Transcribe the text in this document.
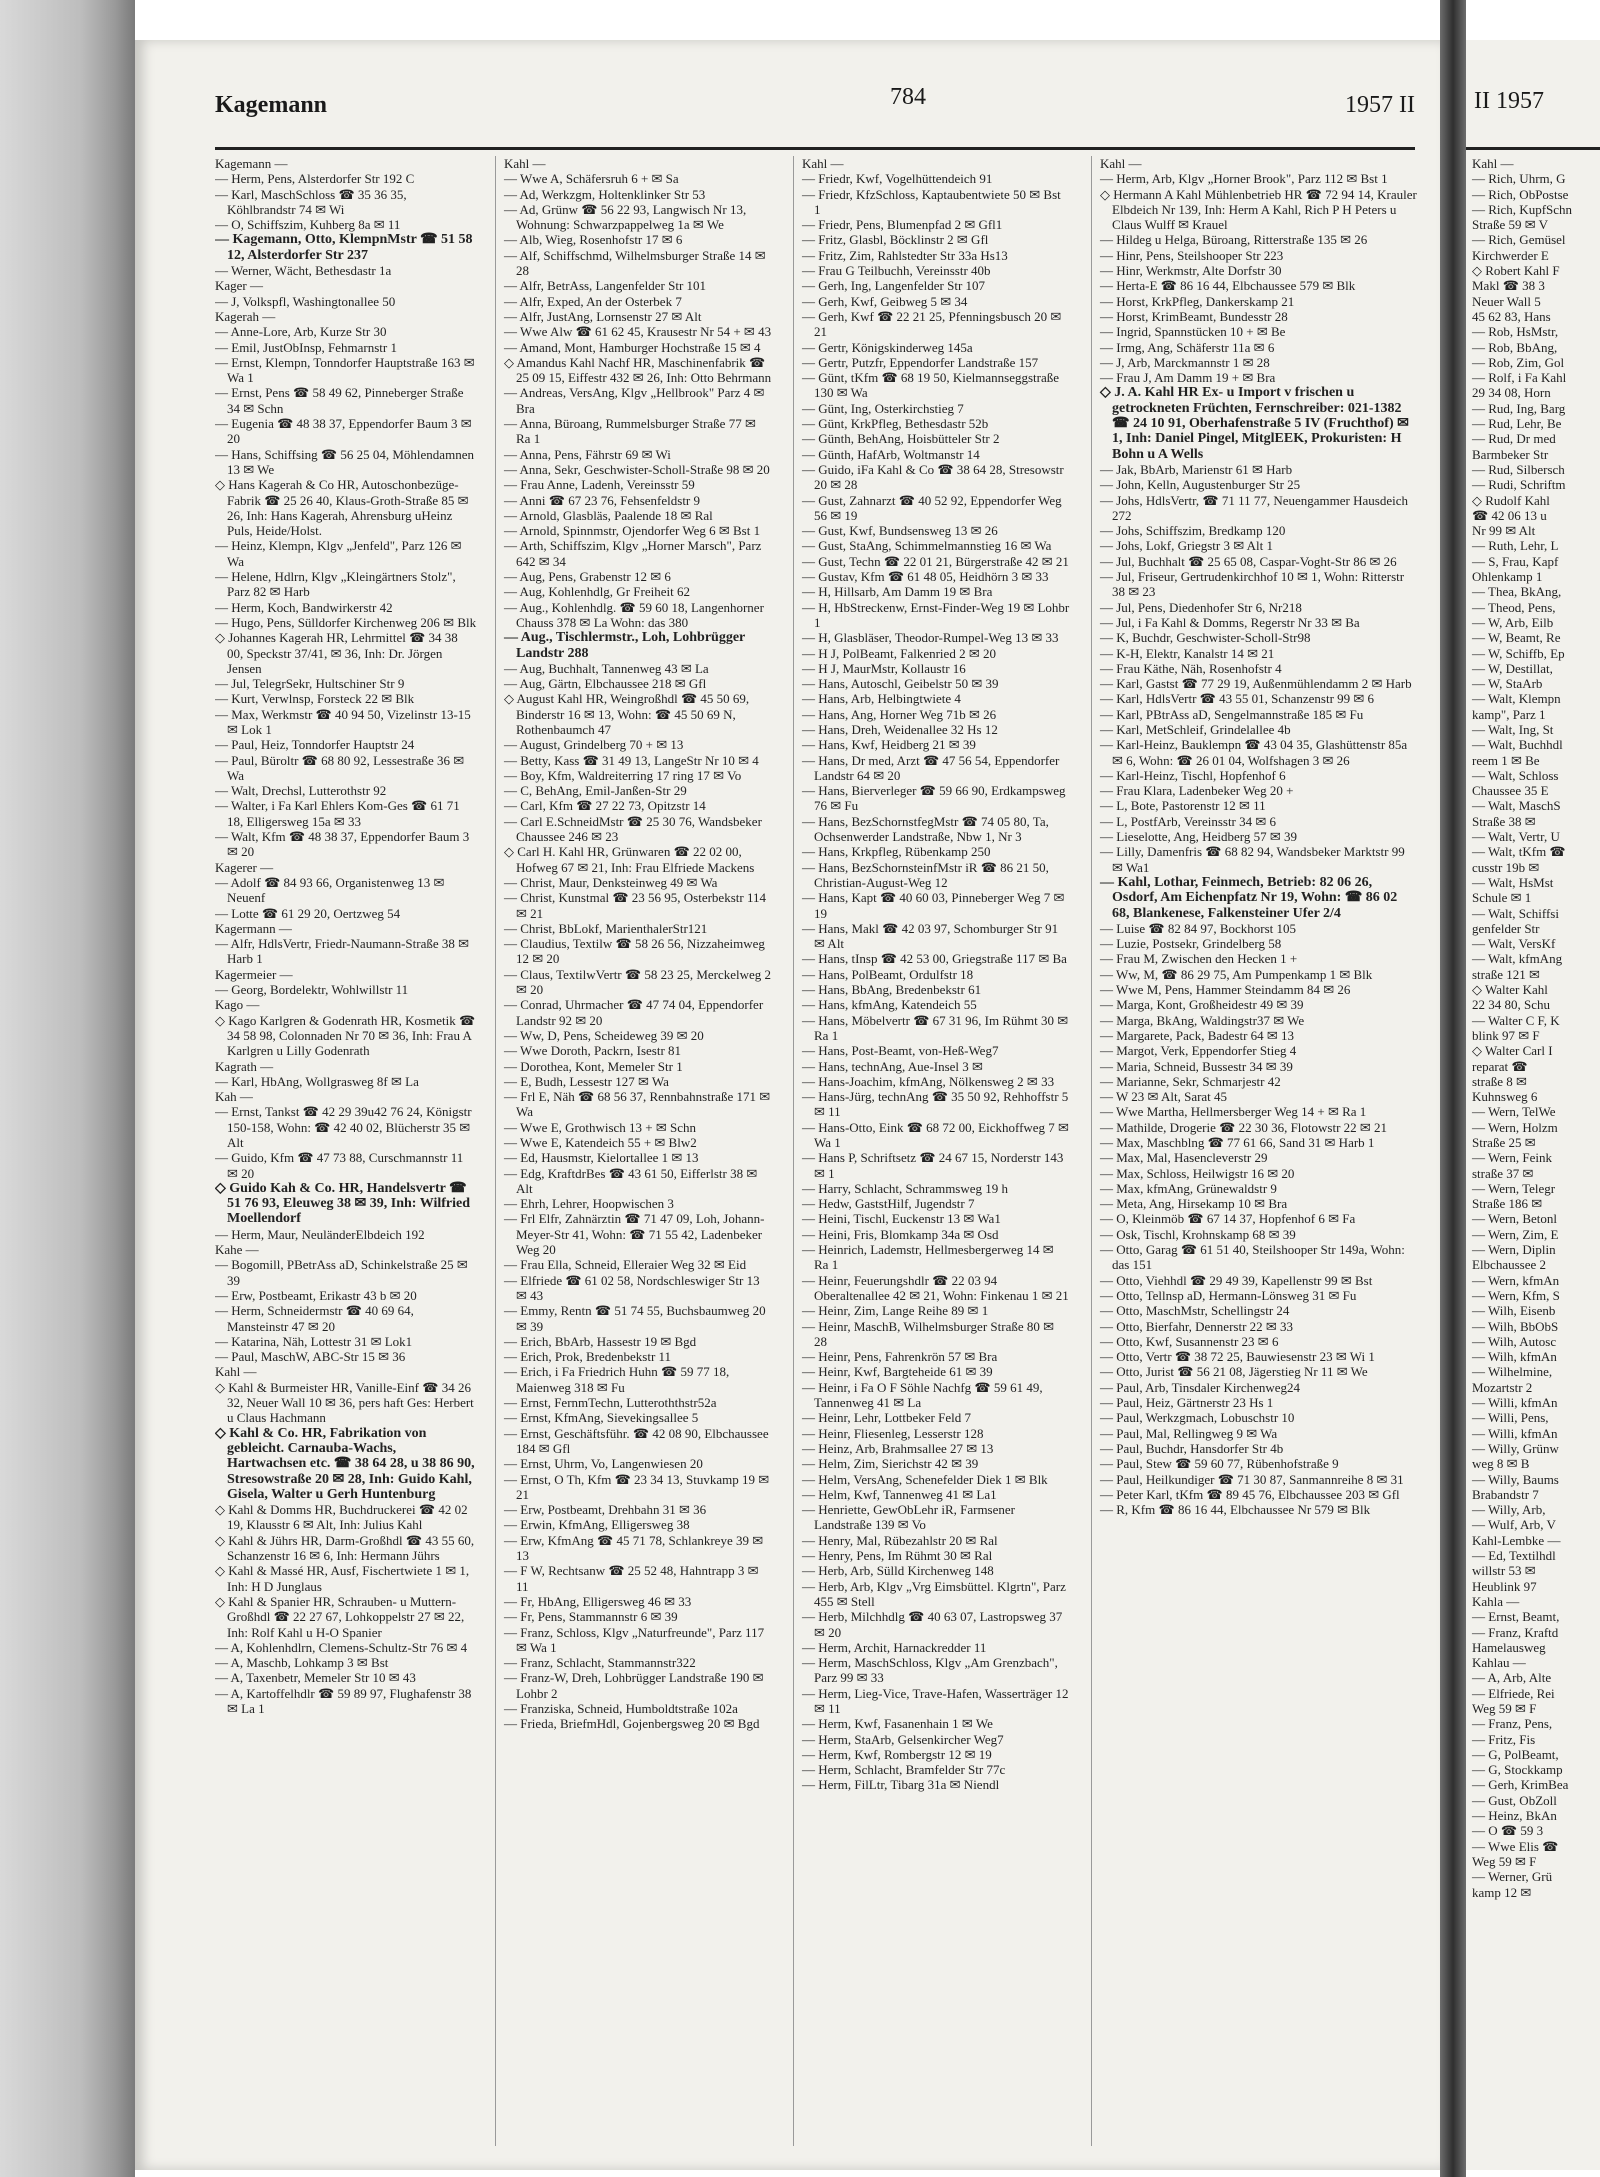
Kagemann	784	1957 II

Kagemann —

— Herm, Pens, Alsterdorfer Str 192 C

— Karl, MaschSchloss ☎ 35 36 35, Köhlbrandstr 74 ✉ Wi

— O, Schiffszim, Kuhberg 8a ✉ 11

— Kagemann, Otto, KlempnMstr ☎ 51 58 12, Alsterdorfer Str 237

— Werner, Wächt, Bethesdastr 1a

Kager —

— J, Volkspfl, Washingtonallee 50

Kagerah —

— Anne-Lore, Arb, Kurze Str 30

— Emil, JustObInsp, Fehmarnstr 1

— Ernst, Klempn, Tonndorfer Hauptstraße 163 ✉ Wa 1

— Ernst, Pens ☎ 58 49 62, Pinneberger Straße 34 ✉ Schn

— Eugenia ☎ 48 38 37, Eppendorfer Baum 3 ✉ 20

— Hans, Schiffsing ☎ 56 25 04, Möhlendamnen 13 ✉ We

◇ Hans Kagerah & Co HR, Autoschonbezüge-Fabrik ☎ 25 26 40, Klaus-Groth-Straße 85 ✉ 26, Inh: Hans Kagerah, Ahrensburg uHeinz Puls, Heide/Holst.

— Heinz, Klempn, Klgv „Jenfeld", Parz 126 ✉ Wa

— Helene, Hdlrn, Klgv „Kleingärtners Stolz", Parz 82 ✉ Harb

— Herm, Koch, Bandwirkerstr 42

— Hugo, Pens, Sülldorfer Kirchenweg 206 ✉ Blk

◇ Johannes Kagerah HR, Lehrmittel ☎ 34 38 00, Speckstr 37/41, ✉ 36, Inh: Dr. Jörgen Jensen

— Jul, TelegrSekr, Hultschiner Str 9

— Kurt, Verwlnsp, Forsteck 22 ✉ Blk

— Max, Werkmstr ☎ 40 94 50, Vizelinstr 13-15 ✉ Lok 1

— Paul, Heiz, Tonndorfer Hauptstr 24

— Paul, Büroltr ☎ 68 80 92, Lessestraße 36 ✉ Wa

— Walt, Drechsl, Lutterothstr 92

— Walter, i Fa Karl Ehlers Kom-Ges ☎ 61 71 18, Elligersweg 15a ✉ 33

— Walt, Kfm ☎ 48 38 37, Eppendorfer Baum 3 ✉ 20

Kagerer —

— Adolf ☎ 84 93 66, Organistenweg 13 ✉ Neuenf

— Lotte ☎ 61 29 20, Oertzweg 54

Kagermann —

— Alfr, HdlsVertr, Friedr-Naumann-Straße 38 ✉ Harb 1

Kagermeier —

— Georg, Bordelektr, Wohlwillstr 11

Kago —

◇ Kago Karlgren & Godenrath HR, Kosmetik ☎ 34 58 98, Colonnaden Nr 70 ✉ 36, Inh: Frau A Karlgren u Lilly Godenrath

Kagrath —

— Karl, HbAng, Wollgrasweg 8f ✉ La

Kah —

— Ernst, Tankst ☎ 42 29 39u42 76 24, Königstr 150-158, Wohn: ☎ 42 40 02, Blücherstr 35 ✉ Alt

— Guido, Kfm ☎ 47 73 88, Curschmannstr 11 ✉ 20

◇ Guido Kah & Co. HR, Handelsvertr ☎ 51 76 93, Eleuweg 38 ✉ 39, Inh: Wilfried Moellendorf

— Herm, Maur, NeuländerElbdeich 192

Kahe —

— Bogomill, PBetrAss aD, Schinkelstraße 25 ✉ 39

— Erw, Postbeamt, Erikastr 43 b ✉ 20

— Herm, Schneidermstr ☎ 40 69 64, Mansteinstr 47 ✉ 20

— Katarina, Näh, Lottestr 31 ✉ Lok1

— Paul, MaschW, ABC-Str 15 ✉ 36

Kahl —

◇ Kahl & Burmeister HR, Vanille-Einf ☎ 34 26 32, Neuer Wall 10 ✉ 36, pers haft Ges: Herbert u Claus Hachmann

◇ Kahl & Co. HR, Fabrikation von gebleicht. Carnauba-Wachs, Hartwachsen etc. ☎ 38 64 28, u 38 86 90, Stresowstraße 20 ✉ 28, Inh: Guido Kahl, Gisela, Walter u Gerh Huntenburg

◇ Kahl & Domms HR, Buchdruckerei ☎ 42 02 19, Klausstr 6 ✉ Alt, Inh: Julius Kahl

◇ Kahl & Jührs HR, Darm-Großhdl ☎ 43 55 60, Schanzenstr 16 ✉ 6, Inh: Hermann Jührs

◇ Kahl & Massé HR, Ausf, Fischertwiete 1 ✉ 1, Inh: H D Junglaus

◇ Kahl & Spanier HR, Schrauben- u Muttern-Großhdl ☎ 22 27 67, Lohkoppelstr 27 ✉ 22, Inh: Rolf Kahl u H-O Spanier

— A, Kohlenhdlrn, Clemens-Schultz-Str 76 ✉ 4

— A, Maschb, Lohkamp 3 ✉ Bst

— A, Taxenbetr, Memeler Str 10 ✉ 43

— A, Kartoffelhdlr ☎ 59 89 97, Flughafenstr 38 ✉ La 1

Kahl —

— Wwe A, Schäfersruh 6 + ✉ Sa

— Ad, Werkzgm, Holtenklinker Str 53

— Ad, Grünw ☎ 56 22 93, Langwisch Nr 13, Wohnung: Schwarzpappelweg 1a ✉ We

— Alb, Wieg, Rosenhofstr 17 ✉ 6

— Alf, Schiffschmd, Wilhelmsburger Straße 14 ✉ 28

— Alfr, BetrAss, Langenfelder Str 101

— Alfr, Exped, An der Osterbek 7

— Alfr, JustAng, Lornsenstr 27 ✉ Alt

— Wwe Alw ☎ 61 62 45, Krausestr Nr 54 + ✉ 43

— Amand, Mont, Hamburger Hochstraße 15 ✉ 4

◇ Amandus Kahl Nachf HR, Maschinenfabrik ☎ 25 09 15, Eiffestr 432 ✉ 26, Inh: Otto Behrmann

— Andreas, VersAng, Klgv „Hellbrook" Parz 4 ✉ Bra

— Anna, Büroang, Rummelsburger Straße 77 ✉ Ra 1

— Anna, Pens, Fährstr 69 ✉ Wi

— Anna, Sekr, Geschwister-Scholl-Straße 98 ✉ 20

— Frau Anne, Ladenh, Vereinsstr 59

— Anni ☎ 67 23 76, Fehsenfeldstr 9

— Arnold, Glasbläs, Paalende 18 ✉ Ral

— Arnold, Spinnmstr, Ojendorfer Weg 6 ✉ Bst 1

— Arth, Schiffszim, Klgv „Horner Marsch", Parz 642 ✉ 34

— Aug, Pens, Grabenstr 12 ✉ 6

— Aug, Kohlenhdlg, Gr Freiheit 62

— Aug., Kohlenhdlg. ☎ 59 60 18, Langenhorner Chauss 378 ✉ La Wohn: das 380

— Aug., Tischlermstr., Loh, Lohbrügger Landstr 288

— Aug, Buchhalt, Tannenweg 43 ✉ La

— Aug, Gärtn, Elbchaussee 218 ✉ Gfl

◇ August Kahl HR, Weingroßhdl ☎ 45 50 69, Binderstr 16 ✉ 13, Wohn: ☎ 45 50 69 N, Rothenbaumch 47

— August, Grindelberg 70 + ✉ 13

— Betty, Kass ☎ 31 49 13, LangeStr Nr 10 ✉ 4

— Boy, Kfm, Waldreiterring 17 ring 17 ✉ Vo

— C, BehAng, Emil-Janßen-Str 29

— Carl, Kfm ☎ 27 22 73, Opitzstr 14

— Carl E.SchneidMstr ☎ 25 30 76, Wandsbeker Chaussee 246 ✉ 23

◇ Carl H. Kahl HR, Grünwaren ☎ 22 02 00, Hofweg 67 ✉ 21, Inh: Frau Elfriede Mackens

— Christ, Maur, Denksteinweg 49 ✉ Wa

— Christ, Kunstmal ☎ 23 56 95, Osterbekstr 114 ✉ 21

— Christ, BbLokf, MarienthalerStr121

— Claudius, Textilw ☎ 58 26 56, Nizzaheimweg 12 ✉ 20

— Claus, TextilwVertr ☎ 58 23 25, Merckelweg 2 ✉ 20

— Conrad, Uhrmacher ☎ 47 74 04, Eppendorfer Landstr 92 ✉ 20

— Ww, D, Pens, Scheideweg 39 ✉ 20

— Wwe Doroth, Packrn, Isestr 81

— Dorothea, Kont, Memeler Str 1

— E, Budh, Lessestr 127 ✉ Wa

— Frl E, Näh ☎ 68 56 37, Rennbahnstraße 171 ✉ Wa

— Wwe E, Grothwisch 13 + ✉ Schn

— Wwe E, Katendeich 55 + ✉ Blw2

— Ed, Hausmstr, Kielortallee 1 ✉ 13

— Edg, KraftdrBes ☎ 43 61 50, Eifferlstr 38 ✉ Alt

— Ehrh, Lehrer, Hoopwischen 3

— Frl Elfr, Zahnärztin ☎ 71 47 09, Loh, Johann-Meyer-Str 41, Wohn: ☎ 71 55 42, Ladenbeker Weg 20

— Frau Ella, Schneid, Elleraier Weg 32 ✉ Eid

— Elfriede ☎ 61 02 58, Nordschleswiger Str 13 ✉ 43

— Emmy, Rentn ☎ 51 74 55, Buchsbaumweg 20 ✉ 39

— Erich, BbArb, Hassestr 19 ✉ Bgd

— Erich, Prok, Bredenbekstr 11

— Erich, i Fa Friedrich Huhn ☎ 59 77 18, Maienweg 318 ✉ Fu

— Ernst, FernmTechn, Lutteroththstr52a

— Ernst, KfmAng, Sievekingsallee 5

— Ernst, Geschäftsführ. ☎ 42 08 90, Elbchaussee 184 ✉ Gfl

— Ernst, Uhrm, Vo, Langenwiesen 20

— Ernst, O Th, Kfm ☎ 23 34 13, Stuvkamp 19 ✉ 21

— Erw, Postbeamt, Drehbahn 31 ✉ 36

— Erwin, KfmAng, Elligersweg 38

— Erw, KfmAng ☎ 45 71 78, Schlankreye 39 ✉ 13

— F W, Rechtsanw ☎ 25 52 48, Hahntrapp 3 ✉ 11

— Fr, HbAng, Elligersweg 46 ✉ 33

— Fr, Pens, Stammannstr 6 ✉ 39

— Franz, Schloss, Klgv „Naturfreunde", Parz 117 ✉ Wa 1

— Franz, Schlacht, Stammannstr322

— Franz-W, Dreh, Lohbrügger Landstraße 190 ✉ Lohbr 2

— Franziska, Schneid, Humboldtstraße 102a

— Frieda, BriefmHdl, Gojenbergsweg 20 ✉ Bgd

Kahl —

— Friedr, Kwf, Vogelhüttendeich 91

— Friedr, KfzSchloss, Kaptaubentwiete 50 ✉ Bst 1

— Friedr, Pens, Blumenpfad 2 ✉ Gfl1

— Fritz, Glasbl, Böcklinstr 2 ✉ Gfl

— Fritz, Zim, Rahlstedter Str 33a Hs13

— Frau G Teilbuchh, Vereinsstr 40b

— Gerh, Ing, Langenfelder Str 107

— Gerh, Kwf, Geibweg 5 ✉ 34

— Gerh, Kwf ☎ 22 21 25, Pfenningsbusch 20 ✉ 21

— Gertr, Königskinderweg 145a

— Gertr, Putzfr, Eppendorfer Landstraße 157

— Günt, tKfm ☎ 68 19 50, Kielmannseggstraße 130 ✉ Wa

— Günt, Ing, Osterkirchstieg 7

— Günt, KrkPfleg, Bethesdastr 52b

— Günth, BehAng, Hoisbütteler Str 2

— Günth, HafArb, Woltmanstr 14

— Guido, iFa Kahl & Co ☎ 38 64 28, Stresowstr 20 ✉ 28

— Gust, Zahnarzt ☎ 40 52 92, Eppendorfer Weg 56 ✉ 19

— Gust, Kwf, Bundsensweg 13 ✉ 26

— Gust, StaAng, Schimmelmannstieg 16 ✉ Wa

— Gust, Techn ☎ 22 01 21, Bürgerstraße 42 ✉ 21

— Gustav, Kfm ☎ 61 48 05, Heidhörn 3 ✉ 33

— H, Hillsarb, Am Damm 19 ✉ Bra

— H, HbStreckenw, Ernst-Finder-Weg 19 ✉ Lohbr 1

— H, Glasbläser, Theodor-Rumpel-Weg 13 ✉ 33

— H J, PolBeamt, Falkenried 2 ✉ 20

— H J, MaurMstr, Kollaustr 16

— Hans, Autoschl, Geibelstr 50 ✉ 39

— Hans, Arb, Helbingtwiete 4

— Hans, Ang, Horner Weg 71b ✉ 26

— Hans, Dreh, Weidenallee 32 Hs 12

— Hans, Kwf, Heidberg 21 ✉ 39

— Hans, Dr med, Arzt ☎ 47 56 54, Eppendorfer Landstr 64 ✉ 20

— Hans, Bierverleger ☎ 59 66 90, Erdkampsweg 76 ✉ Fu

— Hans, BezSchornstfegMstr ☎ 74 05 80, Ta, Ochsenwerder Landstraße, Nbw 1, Nr 3

— Hans, Krkpfleg, Rübenkamp 250

— Hans, BezSchornsteinfMstr iR ☎ 86 21 50, Christian-August-Weg 12

— Hans, Kapt ☎ 40 60 03, Pinneberger Weg 7 ✉ 19

— Hans, Makl ☎ 42 03 97, Schomburger Str 91 ✉ Alt

— Hans, tInsp ☎ 42 53 00, Griegstraße 117 ✉ Ba

— Hans, PolBeamt, Ordulfstr 18

— Hans, BbAng, Bredenbekstr 61

— Hans, kfmAng, Katendeich 55

— Hans, Möbelvertr ☎ 67 31 96, Im Rühmt 30 ✉ Ra 1

— Hans, Post-Beamt, von-Heß-Weg7

— Hans, technAng, Aue-Insel 3 ✉

— Hans-Joachim, kfmAng, Nölkensweg 2 ✉ 33

— Hans-Jürg, technAng ☎ 35 50 92, Rehhoffstr 5 ✉ 11

— Hans-Otto, Eink ☎ 68 72 00, Eickhoffweg 7 ✉ Wa 1

— Hans P, Schriftsetz ☎ 24 67 15, Norderstr 143 ✉ 1

— Harry, Schlacht, Schrammsweg 19 h

— Hedw, GaststHilf, Jugendstr 7

— Heini, Tischl, Euckenstr 13 ✉ Wa1

— Heini, Fris, Blomkamp 34a ✉ Osd

— Heinrich, Lademstr, Hellmesbergerweg 14 ✉ Ra 1

— Heinr, Feuerungshdlr ☎ 22 03 94 Oberaltenallee 42 ✉ 21, Wohn: Finkenau 1 ✉ 21

— Heinr, Zim, Lange Reihe 89 ✉ 1

— Heinr, MaschB, Wilhelmsburger Straße 80 ✉ 28

— Heinr, Pens, Fahrenkrön 57 ✉ Bra

— Heinr, Kwf, Bargteheide 61 ✉ 39

— Heinr, i Fa O F Söhle Nachfg ☎ 59 61 49, Tannenweg 41 ✉ La

— Heinr, Lehr, Lottbeker Feld 7

— Heinr, Fliesenleg, Lesserstr 128

— Heinz, Arb, Brahmsallee 27 ✉ 13

— Helm, Zim, Sierichstr 42 ✉ 39

— Helm, VersAng, Schenefelder Diek 1 ✉ Blk

— Helm, Kwf, Tannenweg 41 ✉ La1

— Henriette, GewObLehr iR, Farmsener Landstraße 139 ✉ Vo

— Henry, Mal, Rübezahlstr 20 ✉ Ral

— Henry, Pens, Im Rühmt 30 ✉ Ral

— Herb, Arb, Sülld Kirchenweg 148

— Herb, Arb, Klgv „Vrg Eimsbüttel. Klgrtn", Parz 455 ✉ Stell

— Herb, Milchhdlg ☎ 40 63 07, Lastropsweg 37 ✉ 20

— Herm, Archit, Harnackredder 11

— Herm, MaschSchloss, Klgv „Am Grenzbach", Parz 99 ✉ 33

— Herm, Lieg-Vice, Trave-Hafen, Wasserträger 12 ✉ 11

— Herm, Kwf, Fasanenhain 1 ✉ We

— Herm, StaArb, Gelsenkircher Weg7

— Herm, Kwf, Rombergstr 12 ✉ 19

— Herm, Schlacht, Bramfelder Str 77c

— Herm, FilLtr, Tibarg 31a ✉ Niendl

Kahl —

— Herm, Arb, Klgv „Horner Brook", Parz 112 ✉ Bst 1

◇ Hermann A Kahl Mühlenbetrieb HR ☎ 72 94 14, Krauler Elbdeich Nr 139, Inh: Herm A Kahl, Rich P H Peters u Claus Wulff ✉ Krauel

— Hildeg u Helga, Büroang, Ritterstraße 135 ✉ 26

— Hinr, Pens, Steilshooper Str 223

— Hinr, Werkmstr, Alte Dorfstr 30

— Herta-E ☎ 86 16 44, Elbchaussee 579 ✉ Blk

— Horst, KrkPfleg, Dankerskamp 21

— Horst, KrimBeamt, Bundesstr 28

— Ingrid, Spannstücken 10 + ✉ Be

— Irmg, Ang, Schäferstr 11a ✉ 6

— J, Arb, Marckmannstr 1 ✉ 28

— Frau J, Am Damm 19 + ✉ Bra

◇ J. A. Kahl HR Ex- u Import v frischen u getrockneten Früchten, Fernschreiber: 021-1382 ☎ 24 10 91, Oberhafenstraße 5 IV (Fruchthof) ✉ 1, Inh: Daniel Pingel, MitglEEK, Prokuristen: H Bohn u A Wells

— Jak, BbArb, Marienstr 61 ✉ Harb

— John, Kelln, Augustenburger Str 25

— Johs, HdlsVertr, ☎ 71 11 77, Neuengammer Hausdeich 272

— Johs, Schiffszim, Bredkamp 120

— Johs, Lokf, Griegstr 3 ✉ Alt 1

— Jul, Buchhalt ☎ 25 65 08, Caspar-Voght-Str 86 ✉ 26

— Jul, Friseur, Gertrudenkirchhof 10 ✉ 1, Wohn: Ritterstr 38 ✉ 23

— Jul, Pens, Diedenhofer Str 6, Nr218

— Jul, i Fa Kahl & Domms, Regerstr Nr 33 ✉ Ba

— K, Buchdr, Geschwister-Scholl-Str98

— K-H, Elektr, Kanalstr 14 ✉ 21

— Frau Käthe, Näh, Rosenhofstr 4

— Karl, Gastst ☎ 77 29 19, Außenmühlendamm 2 ✉ Harb

— Karl, HdlsVertr ☎ 43 55 01, Schanzenstr 99 ✉ 6

— Karl, PBtrAss aD, Sengelmannstraße 185 ✉ Fu

— Karl, MetSchleif, Grindelallee 4b

— Karl-Heinz, Bauklempn ☎ 43 04 35, Glashüttenstr 85a ✉ 6, Wohn: ☎ 26 01 04, Wolfshagen 3 ✉ 26

— Karl-Heinz, Tischl, Hopfenhof 6

— Frau Klara, Ladenbeker Weg 20 +

— L, Bote, Pastorenstr 12 ✉ 11

— L, PostfArb, Vereinsstr 34 ✉ 6

— Lieselotte, Ang, Heidberg 57 ✉ 39

— Lilly, Damenfris ☎ 68 82 94, Wandsbeker Marktstr 99 ✉ Wa1

— Kahl, Lothar, Feinmech, Betrieb: 82 06 26, Osdorf, Am Eichenpfatz Nr 19, Wohn: ☎ 86 02 68, Blankenese, Falkensteiner Ufer 2/4

— Luise ☎ 82 84 97, Bockhorst 105

— Luzie, Postsekr, Grindelberg 58

— Frau M, Zwischen den Hecken 1 +

— Ww, M, ☎ 86 29 75, Am Pumpenkamp 1 ✉ Blk

— Wwe M, Pens, Hammer Steindamm 84 ✉ 26

— Marga, Kont, Großheidestr 49 ✉ 39

— Marga, BkAng, Waldingstr37 ✉ We

— Margarete, Pack, Badestr 64 ✉ 13

— Margot, Verk, Eppendorfer Stieg 4

— Maria, Schneid, Bussestr 34 ✉ 39

— Marianne, Sekr, Schmarjestr 42

— W 23 ✉ Alt, Sarat 45

— Wwe Martha, Hellmersberger Weg 14 + ✉ Ra 1

— Mathilde, Drogerie ☎ 22 30 36, Flotowstr 22 ✉ 21

— Max, Maschblng ☎ 77 61 66, Sand 31 ✉ Harb 1

— Max, Mal, Hasencleverstr 29

— Max, Schloss, Heilwigstr 16 ✉ 20

— Max, kfmAng, Grünewaldstr 9

— Meta, Ang, Hirsekamp 10 ✉ Bra

— O, Kleinmöb ☎ 67 14 37, Hopfenhof 6 ✉ Fa

— Osk, Tischl, Krohnskamp 68 ✉ 39

— Otto, Garag ☎ 61 51 40, Steilshooper Str 149a, Wohn: das 151

— Otto, Viehhdl ☎ 29 49 39, Kapellenstr 99 ✉ Bst

— Otto, Tellnsp aD, Hermann-Lönsweg 31 ✉ Fu

— Otto, MaschMstr, Schellingstr 24

— Otto, Bierfahr, Dennerstr 22 ✉ 33

— Otto, Kwf, Susannenstr 23 ✉ 6

— Otto, Vertr ☎ 38 72 25, Bauwiesenstr 23 ✉ Wi 1

— Otto, Jurist ☎ 56 21 08, Jägerstieg Nr 11 ✉ We

— Paul, Arb, Tinsdaler Kirchenweg24

— Paul, Heiz, Gärtnerstr 23 Hs 1

— Paul, Werkzgmach, Lobuschstr 10

— Paul, Mal, Rellingweg 9 ✉ Wa

— Paul, Buchdr, Hansdorfer Str 4b

— Paul, Stew ☎ 59 60 77, Rübenhofstraße 9

— Paul, Heilkundiger ☎ 71 30 87, Sanmannreihe 8 ✉ 31

— Peter Karl, tKfm ☎ 89 45 76, Elbchaussee 203 ✉ Gfl

— R, Kfm ☎ 86 16 44, Elbchaussee Nr 579 ✉ Blk

II 1957
Kahl —
— Rich, Uhrm, G
— Rich, ObPostse
— Rich, KupfSchn
Straße 59 ✉ V
— Rich, Gemüsel
Kirchwerder E
◇ Robert Kahl F
Makl ☎ 38 3
Neuer Wall 5
45 62 83, Hans
— Rob, HsMstr,
— Rob, BbAng,
— Rob, Zim, Gol
— Rolf, i Fa Kahl
29 34 08, Horn
— Rud, Ing, Barg
— Rud, Lehr, Be
— Rud, Dr med
Barmbeker Str
— Rud, Silbersch
— Rudi, Schriftm
◇ Rudolf Kahl
☎ 42 06 13 u
Nr 99 ✉ Alt
— Ruth, Lehr, L
— S, Frau, Kapf
Ohlenkamp 1
— Thea, BkAng,
— Theod, Pens,
— W, Arb, Eilb
— W, Beamt, Re
— W, Schiffb, Ep
— W, Destillat,
— W, StaArb
— Walt, Klempn
kamp", Parz 1
— Walt, Ing, St
— Walt, Buchhdl
reem 1 ✉ Be
— Walt, Schloss
Chaussee 35 E
— Walt, MaschS
Straße 38 ✉
— Walt, Vertr, U
— Walt, tKfm ☎
cusstr 19b ✉
— Walt, HsMst
Schule ✉ 1
— Walt, Schiffsi
genfelder Str
— Walt, VersKf
— Walt, kfmAng
straße 121 ✉
◇ Walter Kahl
22 34 80, Schu
— Walter C F, K
blink 97 ✉ F
◇ Walter Carl I
reparat ☎
straße 8 ✉
Kuhnsweg 6
— Wern, TelWe
— Wern, Holzm
Straße 25 ✉
— Wern, Feink
straße 37 ✉
— Wern, Telegr
Straße 186 ✉
— Wern, Betonl
— Wern, Zim, E
— Wern, Diplin
Elbchaussee 2
— Wern, kfmAn
— Wern, Kfm, S
— Wilh, Eisenb
— Wilh, BbObS
— Wilh, Autosc
— Wilh, kfmAn
— Wilhelmine,
Mozartstr 2
— Willi, kfmAn
— Willi, Pens,
— Willi, kfmAn
— Willy, Grünw
weg 8 ✉ B
— Willy, Baums
Brabandstr 7
— Willy, Arb,
— Wulf, Arb, V
Kahl-Lembke —
— Ed, Textilhdl
willstr 53 ✉
Heublink 97
Kahla —
— Ernst, Beamt,
— Franz, Kraftd
Hamelausweg
Kahlau —
— A, Arb, Alte
— Elfriede, Rei
Weg 59 ✉ F
— Franz, Pens,
— Fritz, Fis
— G, PolBeamt,
— G, Stockkamp
— Gerh, KrimBea
— Gust, ObZoll
— Heinz, BkAn
— O ☎ 59 3
— Wwe Elis ☎
Weg 59 ✉ F
— Werner, Grü
kamp 12 ✉
